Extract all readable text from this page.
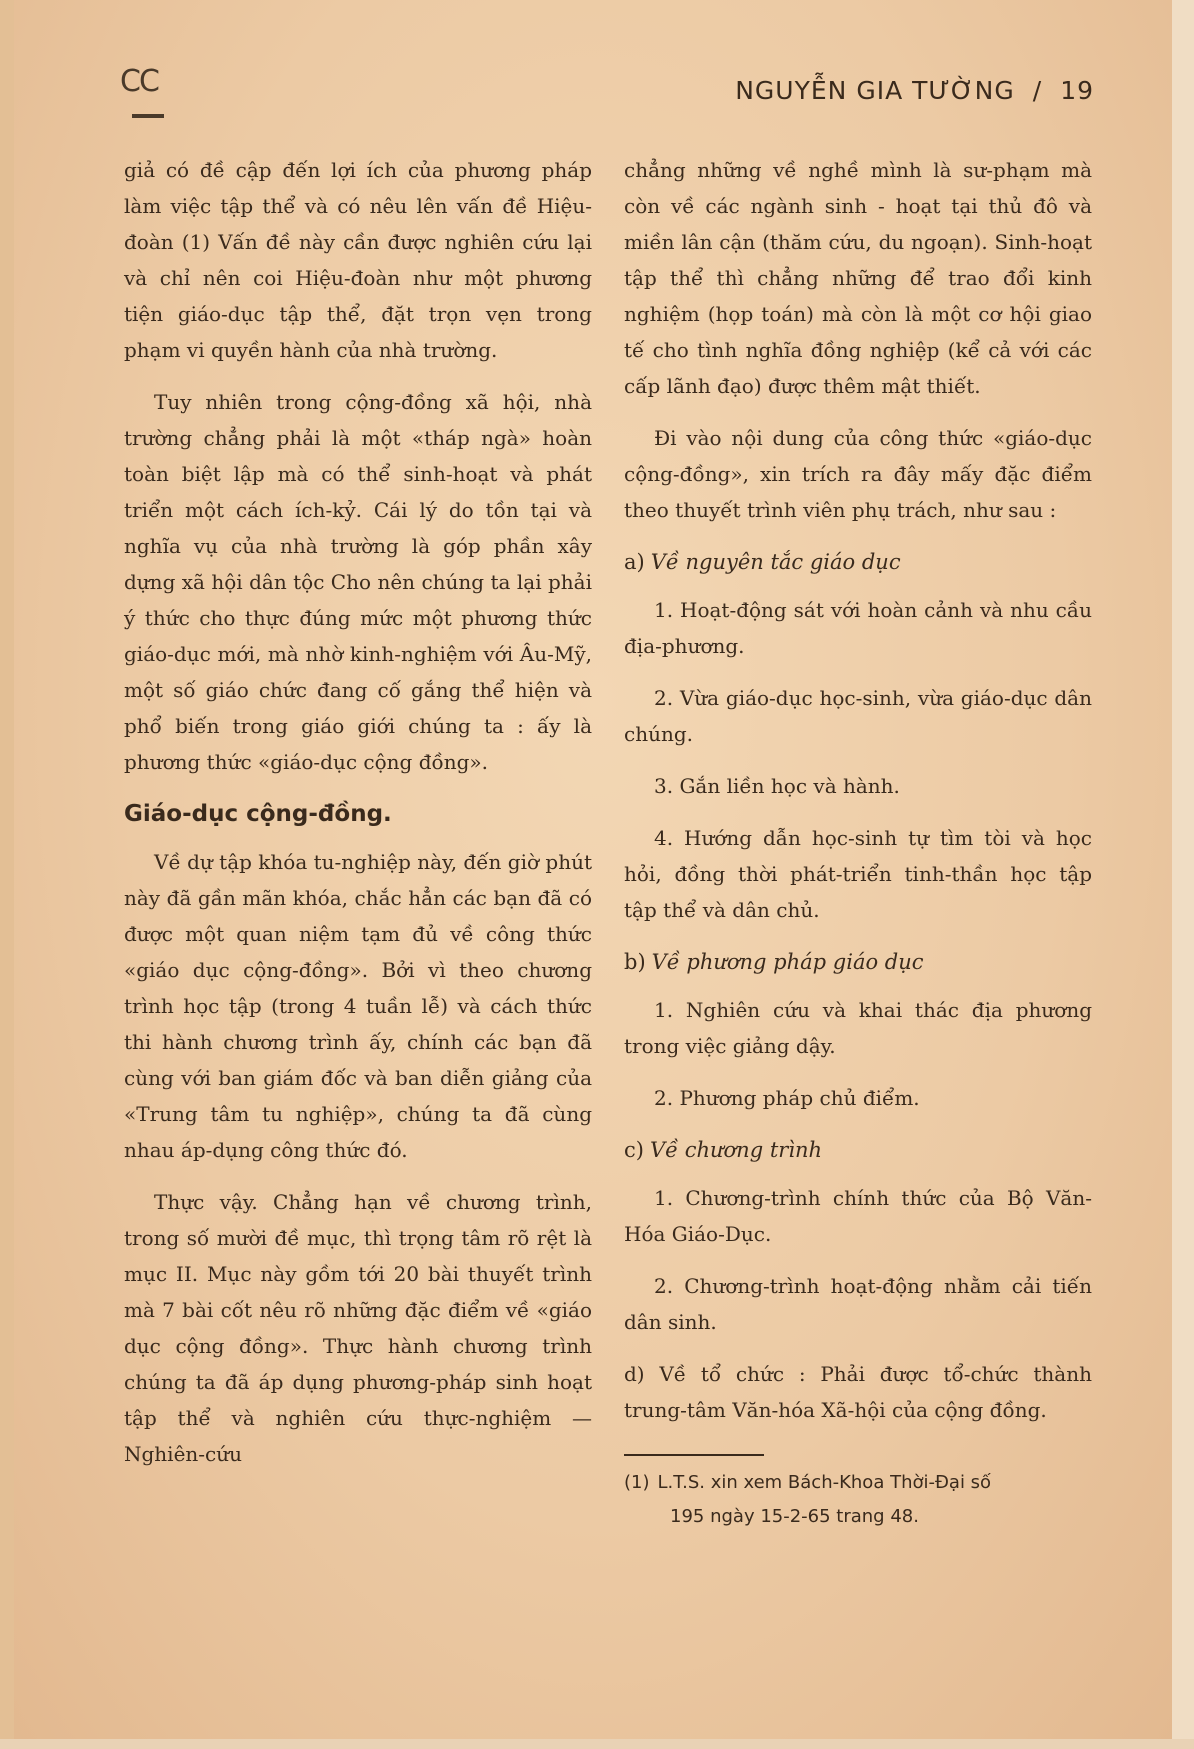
CC	NGUYỄN GIA TƯỜNG / 19

giả có đề cập đến lợi ích của phương pháp làm việc tập thể và có nêu lên vấn đề Hiệu-đoàn (1) Vấn đề này cần được nghiên cứu lại và chỉ nên coi Hiệu-đoàn như một phương tiện giáo-dục tập thể, đặt trọn vẹn trong phạm vi quyền hành của nhà trường.

Tuy nhiên trong cộng-đồng xã hội, nhà trường chẳng phải là một «tháp ngà» hoàn toàn biệt lập mà có thể sinh-hoạt và phát triển một cách ích-kỷ. Cái lý do tồn tại và nghĩa vụ của nhà trường là góp phần xây dựng xã hội dân tộc Cho nên chúng ta lại phải ý thức cho thực đúng mức một phương thức giáo-dục mới, mà nhờ kinh-nghiệm với Âu-Mỹ, một số giáo chức đang cố gắng thể hiện và phổ biến trong giáo giới chúng ta : ấy là phương thức «giáo-dục cộng đồng».

Giáo-dục cộng-đồng.

Về dự tập khóa tu-nghiệp này, đến giờ phút này đã gần mãn khóa, chắc hẳn các bạn đã có được một quan niệm tạm đủ về công thức «giáo dục cộng-đồng». Bởi vì theo chương trình học tập (trong 4 tuần lễ) và cách thức thi hành chương trình ấy, chính các bạn đã cùng với ban giám đốc và ban diễn giảng của «Trung tâm tu nghiệp», chúng ta đã cùng nhau áp-dụng công thức đó.

Thực vậy. Chẳng hạn về chương trình, trong số mười đề mục, thì trọng tâm rõ rệt là mục II. Mục này gồm tới 20 bài thuyết trình mà 7 bài cốt nêu rõ những đặc điểm về «giáo dục cộng đồng». Thực hành chương trình chúng ta đã áp dụng phương-pháp sinh hoạt tập thể và nghiên cứu thực-nghiệm — Nghiên-cứu

chẳng những về nghề mình là sư-phạm mà còn về các ngành sinh - hoạt tại thủ đô và miền lân cận (thăm cứu, du ngoạn). Sinh-hoạt tập thể thì chẳng những để trao đổi kinh nghiệm (họp toán) mà còn là một cơ hội giao tế cho tình nghĩa đồng nghiệp (kể cả với các cấp lãnh đạo) được thêm mật thiết.

Đi vào nội dung của công thức «giáo-dục cộng-đồng», xin trích ra đây mấy đặc điểm theo thuyết trình viên phụ trách, như sau :

a) Về nguyên tắc giáo dục

1. Hoạt-động sát với hoàn cảnh và nhu cầu địa-phương.

2. Vừa giáo-dục học-sinh, vừa giáo-dục dân chúng.

3. Gắn liền học và hành.

4. Hướng dẫn học-sinh tự tìm tòi và học hỏi, đồng thời phát-triển tinh-thần học tập tập thể và dân chủ.

b) Về phương pháp giáo dục

1. Nghiên cứu và khai thác địa phương trong việc giảng dậy.

2. Phương pháp chủ điểm.

c) Về chương trình

1. Chương-trình chính thức của Bộ Văn-Hóa Giáo-Dục.

2. Chương-trình hoạt-động nhằm cải tiến dân sinh.

d) Về tổ chức : Phải được tổ-chức thành trung-tâm Văn-hóa Xã-hội của cộng đồng.

(1) L.T.S. xin xem Bách-Khoa Thời-Đại số
195 ngày 15-2-65 trang 48.
